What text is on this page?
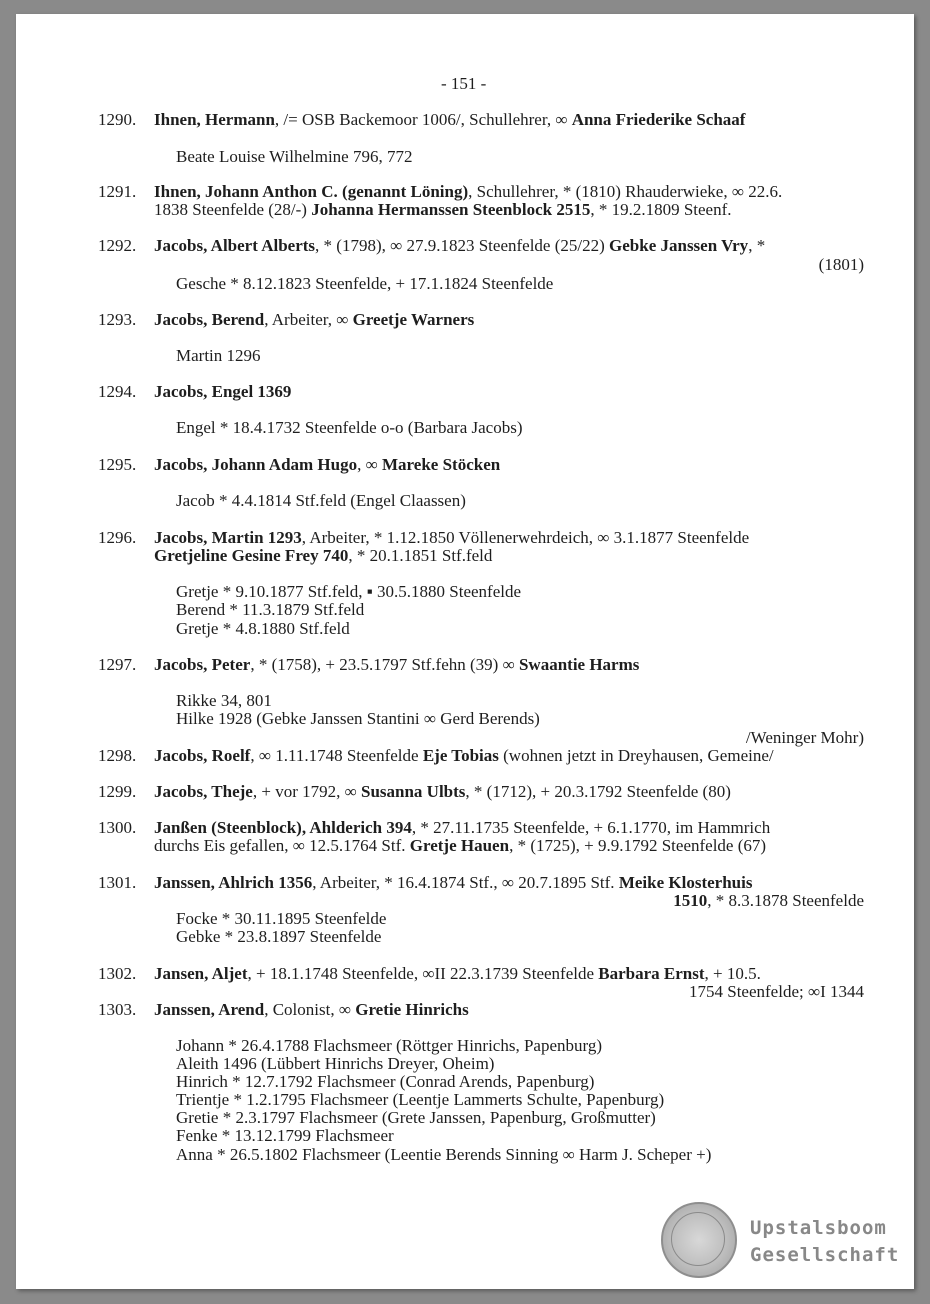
- 151 -
Upstalsboom
Gesellschaft
1290. Ihnen, Hermann, /= OSB Backemoor 1006/, Schullehrer, ∞ Anna Friederike Schaaf
Beate Louise Wilhelmine 796, 772
1291. Ihnen, Johann Anthon C. (genannt Löning), Schullehrer, * (1810) Rhauderwieke, ∞ 22.6.
1838 Steenfelde (28/-) Johanna Hermanssen Steenblock 2515, * 19.2.1809 Steenf.
1292. Jacobs, Albert Alberts, * (1798), ∞ 27.9.1823 Steenfelde (25/22) Gebke Janssen Vry, *
(1801)
Gesche * 8.12.1823 Steenfelde, + 17.1.1824 Steenfelde
1293. Jacobs, Berend, Arbeiter, ∞ Greetje Warners
Martin 1296
1294. Jacobs, Engel 1369
Engel * 18.4.1732 Steenfelde o-o (Barbara Jacobs)
1295. Jacobs, Johann Adam Hugo, ∞ Mareke Stöcken
Jacob * 4.4.1814 Stf.feld (Engel Claassen)
1296. Jacobs, Martin 1293, Arbeiter, * 1.12.1850 Völlenerwehrdeich, ∞ 3.1.1877 Steenfelde
Gretjeline Gesine Frey 740, * 20.1.1851 Stf.feld
Gretje * 9.10.1877 Stf.feld, ▪ 30.5.1880 Steenfelde
Berend * 11.3.1879 Stf.feld
Gretje * 4.8.1880 Stf.feld
1297. Jacobs, Peter, * (1758), + 23.5.1797 Stf.fehn (39) ∞ Swaantie Harms
Rikke 34, 801
Hilke 1928 (Gebke Janssen Stantini ∞ Gerd Berends)
1298.
/Weninger Mohr)
Jacobs, Roelf, ∞ 1.11.1748 Steenfelde Eje Tobias (wohnen jetzt in Dreyhausen, Gemeine/
1299. Jacobs, Theje, + vor 1792, ∞ Susanna Ulbts, * (1712), + 20.3.1792 Steenfelde (80)
1300. Janßen (Steenblock), Ahlderich 394, * 27.11.1735 Steenfelde, + 6.1.1770, im Hammrich
durchs Eis gefallen, ∞ 12.5.1764 Stf. Gretje Hauen, * (1725), + 9.9.1792 Steenfelde (67)
1301. Janssen, Ahlrich 1356, Arbeiter, * 16.4.1874 Stf., ∞ 20.7.1895 Stf. Meike Klosterhuis
1510, * 8.3.1878 Steenfelde
Focke * 30.11.1895 Steenfelde
Gebke * 23.8.1897 Steenfelde
1302. Jansen, Aljet, + 18.1.1748 Steenfelde, ∞II 22.3.1739 Steenfelde Barbara Ernst, + 10.5.
1754 Steenfelde; ∞I 1344
1303. Janssen, Arend, Colonist, ∞ Gretie Hinrichs
Johann * 26.4.1788 Flachsmeer (Röttger Hinrichs, Papenburg)
Aleith 1496 (Lübbert Hinrichs Dreyer, Oheim)
Hinrich * 12.7.1792 Flachsmeer (Conrad Arends, Papenburg)
Trientje * 1.2.1795 Flachsmeer (Leentje Lammerts Schulte, Papenburg)
Gretie * 2.3.1797 Flachsmeer (Grete Janssen, Papenburg, Großmutter)
Fenke * 13.12.1799 Flachsmeer
Anna * 26.5.1802 Flachsmeer (Leentie Berends Sinning ∞ Harm J. Scheper +)
